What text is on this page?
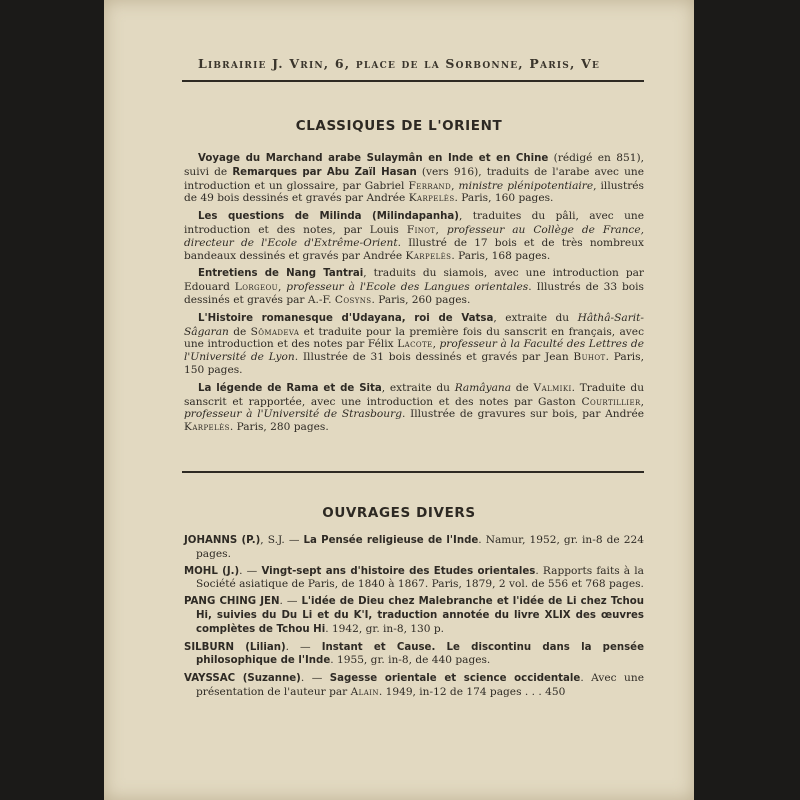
Librairie J. Vrin, 6, place de la Sorbonne, Paris, Ve
CLASSIQUES DE L'ORIENT

Voyage du Marchand arabe Sulaymân en Inde et en Chine (rédigé en 851), suivi de Remarques par Abu Zaïl Hasan (vers 916), traduits de l'arabe avec une introduction et un glossaire, par Gabriel Ferrand, ministre plénipotentiaire, illustrés de 49 bois dessinés et gravés par Andrée Karpelès. Paris, 160 pages.

Les questions de Milinda (Milindapanha), traduites du pâli, avec une introduction et des notes, par Louis Finot, professeur au Collège de France, directeur de l'Ecole d'Extrême-Orient. Illustré de 17 bois et de très nombreux bandeaux dessinés et gravés par Andrée Karpelès. Paris, 168 pages.

Entretiens de Nang Tantrai, traduits du siamois, avec une introduction par Edouard Lorgeou, professeur à l'Ecole des Langues orientales. Illustrés de 33 bois dessinés et gravés par A.-F. Cosyns. Paris, 260 pages.

L'Histoire romanesque d'Udayana, roi de Vatsa, extraite du Hâthâ-Sarit-Sâgaran de Sômadeva et traduite pour la première fois du sanscrit en français, avec une introduction et des notes par Félix Lacote, professeur à la Faculté des Lettres de l'Université de Lyon. Illustrée de 31 bois dessinés et gravés par Jean Buhot. Paris, 150 pages.

La légende de Rama et de Sita, extraite du Ramâyana de Valmiki. Traduite du sanscrit et rapportée, avec une introduction et des notes par Gaston Courtillier, professeur à l'Université de Strasbourg. Illustrée de gravures sur bois, par Andrée Karpelès. Paris, 280 pages.

OUVRAGES DIVERS

JOHANNS (P.), S.J. — La Pensée religieuse de l'Inde. Namur, 1952, gr. in-8 de 224 pages.

MOHL (J.). — Vingt-sept ans d'histoire des Etudes orientales. Rapports faits à la Société asiatique de Paris, de 1840 à 1867. Paris, 1879, 2 vol. de 556 et 768 pages.

PANG CHING JEN. — L'idée de Dieu chez Malebranche et l'idée de Li chez Tchou Hi, suivies du Du Li et du K'I, traduction annotée du livre XLIX des œuvres complètes de Tchou Hi. 1942, gr. in-8, 130 p.

SILBURN (Lilian). — Instant et Cause. Le discontinu dans la pensée philosophique de l'Inde. 1955, gr. in-8, de 440 pages.

VAYSSAC (Suzanne). — Sagesse orientale et science occidentale. Avec une présentation de l'auteur par Alain. 1949, in-12 de 174 pages . . . 450
